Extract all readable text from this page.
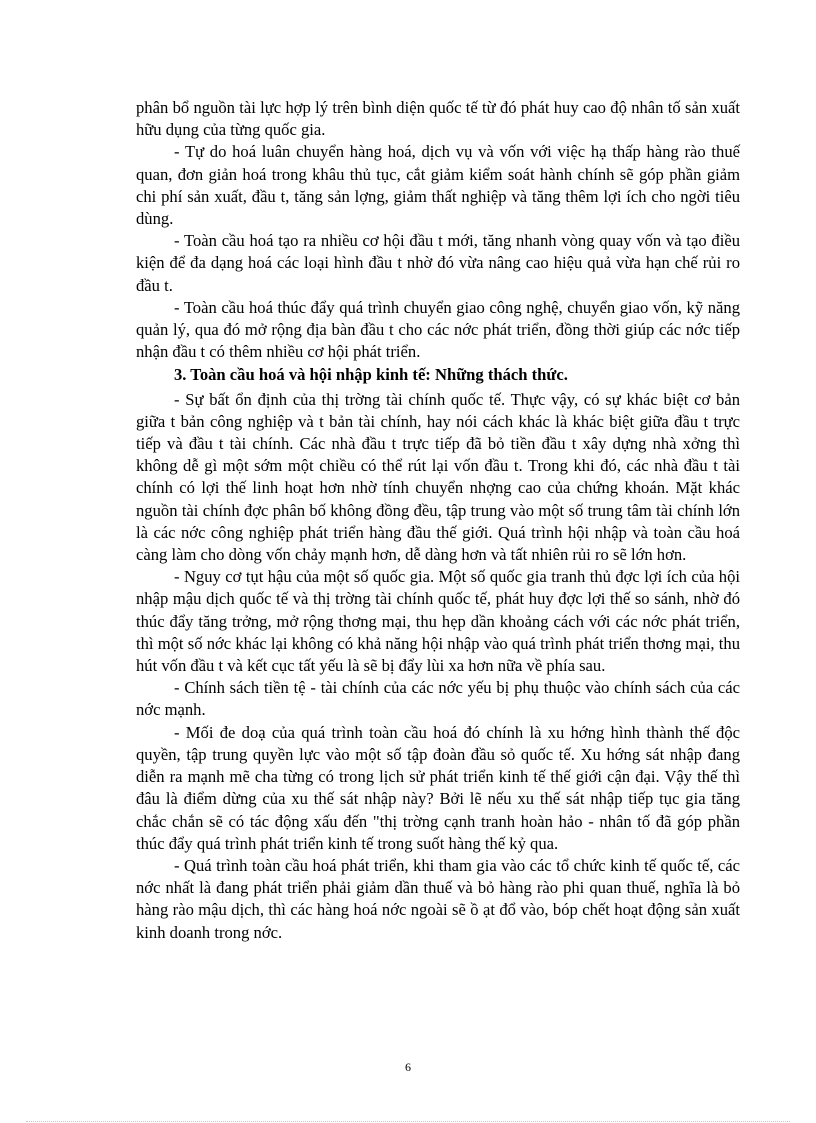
phân bổ nguồn tài lực hợp lý trên bình diện quốc tế từ đó phát huy cao độ nhân tố sản xuất hữu dụng của từng quốc gia.

- Tự do hoá luân chuyển hàng hoá, dịch vụ và vốn với việc hạ thấp hàng rào thuế quan, đơn giản hoá trong khâu thủ tục, cắt giảm kiểm soát hành chính sẽ góp phần giảm chi phí sản xuất, đầu t, tăng sản lợng, giảm thất nghiệp và tăng thêm lợi ích cho ngời tiêu dùng.

- Toàn cầu hoá tạo ra nhiều cơ hội đầu t mới, tăng nhanh vòng quay vốn và tạo điều kiện để đa dạng hoá các loại hình đầu t nhờ đó vừa nâng cao hiệu quả vừa hạn chế rủi ro đầu t.

- Toàn cầu hoá thúc đẩy quá trình chuyển giao công nghệ, chuyển giao vốn, kỹ năng quản lý, qua đó mở rộng địa bàn đầu t cho các nớc phát triển, đồng thời giúp các nớc tiếp nhận đầu t có thêm nhiều cơ hội phát triển.

3. Toàn cầu hoá và hội nhập kinh tế: Những thách thức.

- Sự bất ổn định của thị trờng tài chính quốc tế. Thực vậy, có sự khác biệt cơ bản giữa t bản công nghiệp và t bản tài chính, hay nói cách khác là khác biệt giữa đầu t trực tiếp và đầu t tài chính. Các nhà đầu t trực tiếp đã bỏ tiền đầu t xây dựng nhà xởng thì không dễ gì một sớm một chiều có thể rút lại vốn đầu t. Trong khi đó, các nhà đầu t tài chính có lợi thế linh hoạt hơn nhờ tính chuyển nhợng cao của chứng khoán. Mặt khác nguồn tài chính đợc phân bố không đồng đều, tập trung vào một số trung tâm tài chính lớn là các nớc công nghiệp phát triển hàng đầu thế giới. Quá trình hội nhập và toàn cầu hoá càng làm cho dòng vốn chảy mạnh hơn, dễ dàng hơn và tất nhiên rủi ro sẽ lớn hơn.

- Nguy cơ tụt hậu của một số quốc gia. Một số quốc gia tranh thủ đợc lợi ích của hội nhập mậu dịch quốc tế và thị trờng tài chính quốc tế, phát huy đợc lợi thế so sánh, nhờ đó thúc đẩy tăng trởng, mở rộng thơng mại, thu hẹp dần khoảng cách với các nớc phát triển, thì một số nớc khác lại không có khả năng hội nhập vào quá trình phát triển thơng mại, thu hút vốn đầu t và kết cục tất yếu là sẽ bị đẩy lùi xa hơn nữa về phía sau.

- Chính sách tiền tệ - tài chính của các nớc yếu bị phụ thuộc vào chính sách của các nớc mạnh.

- Mối đe doạ của quá trình toàn cầu hoá đó chính là xu hớng hình thành thế độc quyền, tập trung quyền lực vào một số tập đoàn đầu sỏ quốc tế. Xu hớng sát nhập đang diễn ra mạnh mẽ cha từng có trong lịch sử phát triển kinh tế thế giới cận đại. Vậy thế thì đâu là điểm dừng của xu thế sát nhập này? Bởi lẽ nếu xu thế sát nhập tiếp tục gia tăng chắc chắn sẽ có tác động xấu đến "thị trờng cạnh tranh hoàn hảo - nhân tố đã góp phần thúc đẩy quá trình phát triển kinh tế trong suốt hàng thế kỷ qua.

- Quá trình toàn cầu hoá phát triển, khi tham gia vào các tổ chức kinh tế quốc tế, các nớc nhất là đang phát triển phải giảm dần thuế và bỏ hàng rào phi quan thuế, nghĩa là bỏ hàng rào mậu dịch, thì các hàng hoá nớc ngoài sẽ ồ ạt đổ vào, bóp chết hoạt động sản xuất kinh doanh trong nớc.

6
